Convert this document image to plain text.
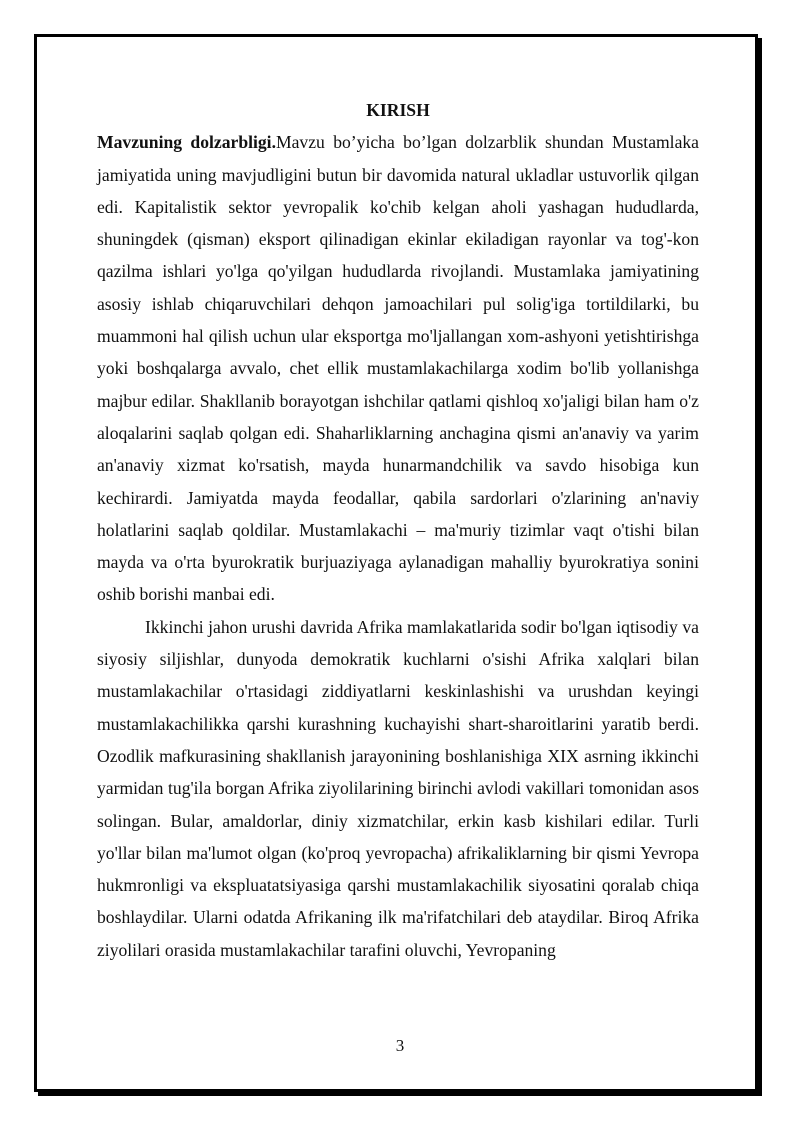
KIRISH

Mavzuning dolzarbligi.Mavzu bo’yicha bo’lgan dolzarblik shundan Mustamlaka jamiyatida uning mavjudligini butun bir davomida natural ukladlar ustuvorlik qilgan edi. Kapitalistik sektor yevropalik ko'chib kelgan aholi yashagan hududlarda, shuningdek (qisman) eksport qilinadigan ekinlar ekiladigan rayonlar va tog'-kon qazilma ishlari yo'lga qo'yilgan hududlarda rivojlandi. Mustamlaka jamiyatining asosiy ishlab chiqaruvchilari dehqon jamoachilari pul solig'iga tortildilarki, bu muammoni hal qilish uchun ular eksportga mo'ljallangan xom-ashyoni yetishtirishga yoki boshqalarga avvalo, chet ellik mustamlakachilarga xodim bo'lib yollanishga majbur edilar. Shakllanib borayotgan ishchilar qatlami qishloq xo'jaligi bilan ham o'z aloqalarini saqlab qolgan edi. Shaharliklarning anchagina qismi an'anaviy va yarim an'anaviy xizmat ko'rsatish, mayda hunarmandchilik va savdo hisobiga kun kechirardi. Jamiyatda mayda feodallar, qabila sardorlari o'zlarining an'naviy holatlarini saqlab qoldilar. Mustamlakachi – ma'muriy tizimlar vaqt o'tishi bilan mayda va o'rta byurokratik burjuaziyaga aylanadigan mahalliy byurokratiya sonini oshib borishi manbai edi.

Ikkinchi jahon urushi davrida Afrika mamlakatlarida sodir bo'lgan iqtisodiy va siyosiy siljishlar, dunyoda demokratik kuchlarni o'sishi Afrika xalqlari bilan mustamlakachilar o'rtasidagi ziddiyatlarni keskinlashishi va urushdan keyingi mustamlakachilikka qarshi kurashning kuchayishi shart-sharoitlarini yaratib berdi. Ozodlik mafkurasining shakllanish jarayonining boshlanishiga XIX asrning ikkinchi yarmidan tug'ila borgan Afrika ziyolilarining birinchi avlodi vakillari tomonidan asos solingan. Bular, amaldorlar, diniy xizmatchilar, erkin kasb kishilari edilar. Turli yo'llar bilan ma'lumot olgan (ko'proq yevropacha) afrikaliklarning bir qismi Yevropa hukmronligi va ekspluatatsiyasiga qarshi mustamlakachilik siyosatini qoralab chiqa boshlaydilar. Ularni odatda Afrikaning ilk ma'rifatchilari deb ataydilar. Biroq Afrika ziyolilari orasida mustamlakachilar tarafini oluvchi, Yevropaning

3
